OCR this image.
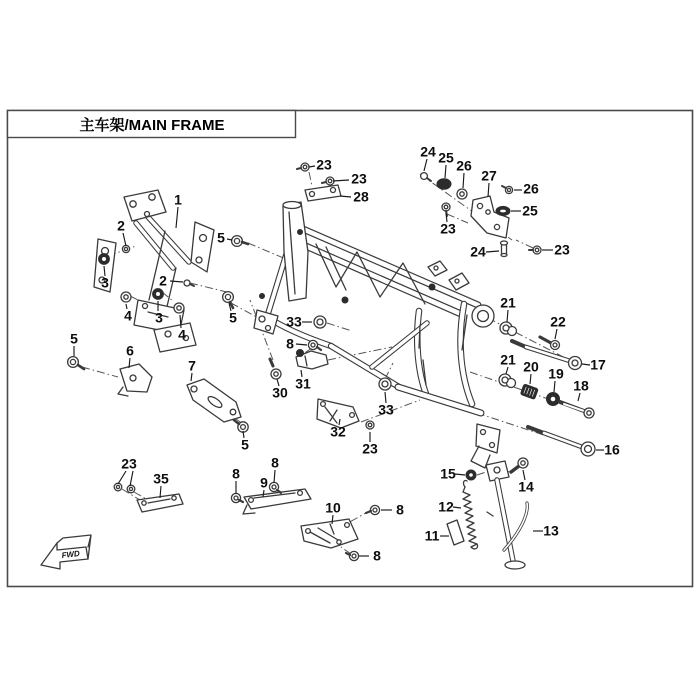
主车架/MAIN FRAME
FWD
1
2
3
4
2
3
4
5
5
5
6
7
23
23
28
24 25 26
27
26
25
23
24	23
33
8
31
30
33
32
23
15
14
12
11	13
21
22
17
21 20 19
18
16
5
8
8
9
10	8
8
23
35
